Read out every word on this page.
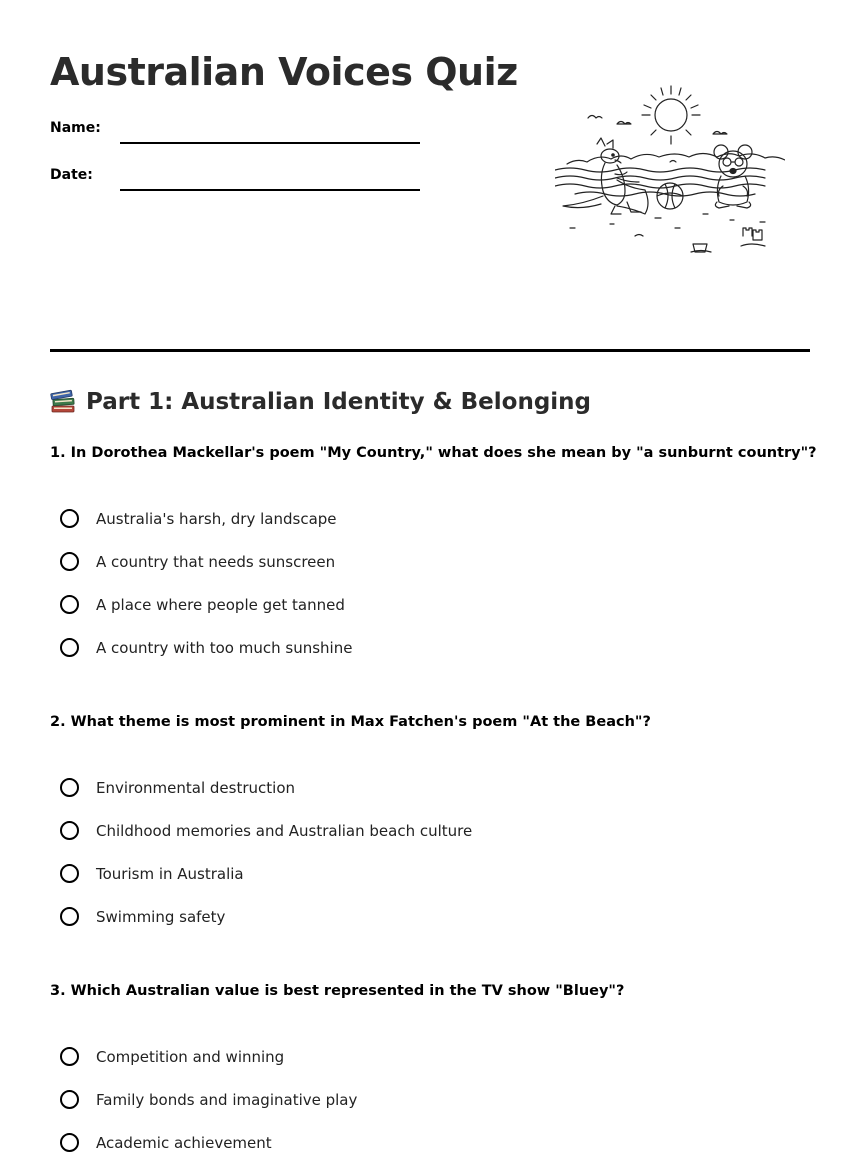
Australian Voices Quiz
Name:
Date:
Part 1: Australian Identity & Belonging

1. In Dorothea Mackellar's poem "My Country," what does she mean by "a sunburnt country"?

Australia's harsh, dry landscape
A country that needs sunscreen
A place where people get tanned
A country with too much sunshine

2. What theme is most prominent in Max Fatchen's poem "At the Beach"?

Environmental destruction
Childhood memories and Australian beach culture
Tourism in Australia
Swimming safety

3. Which Australian value is best represented in the TV show "Bluey"?

Competition and winning
Family bonds and imaginative play
Academic achievement
